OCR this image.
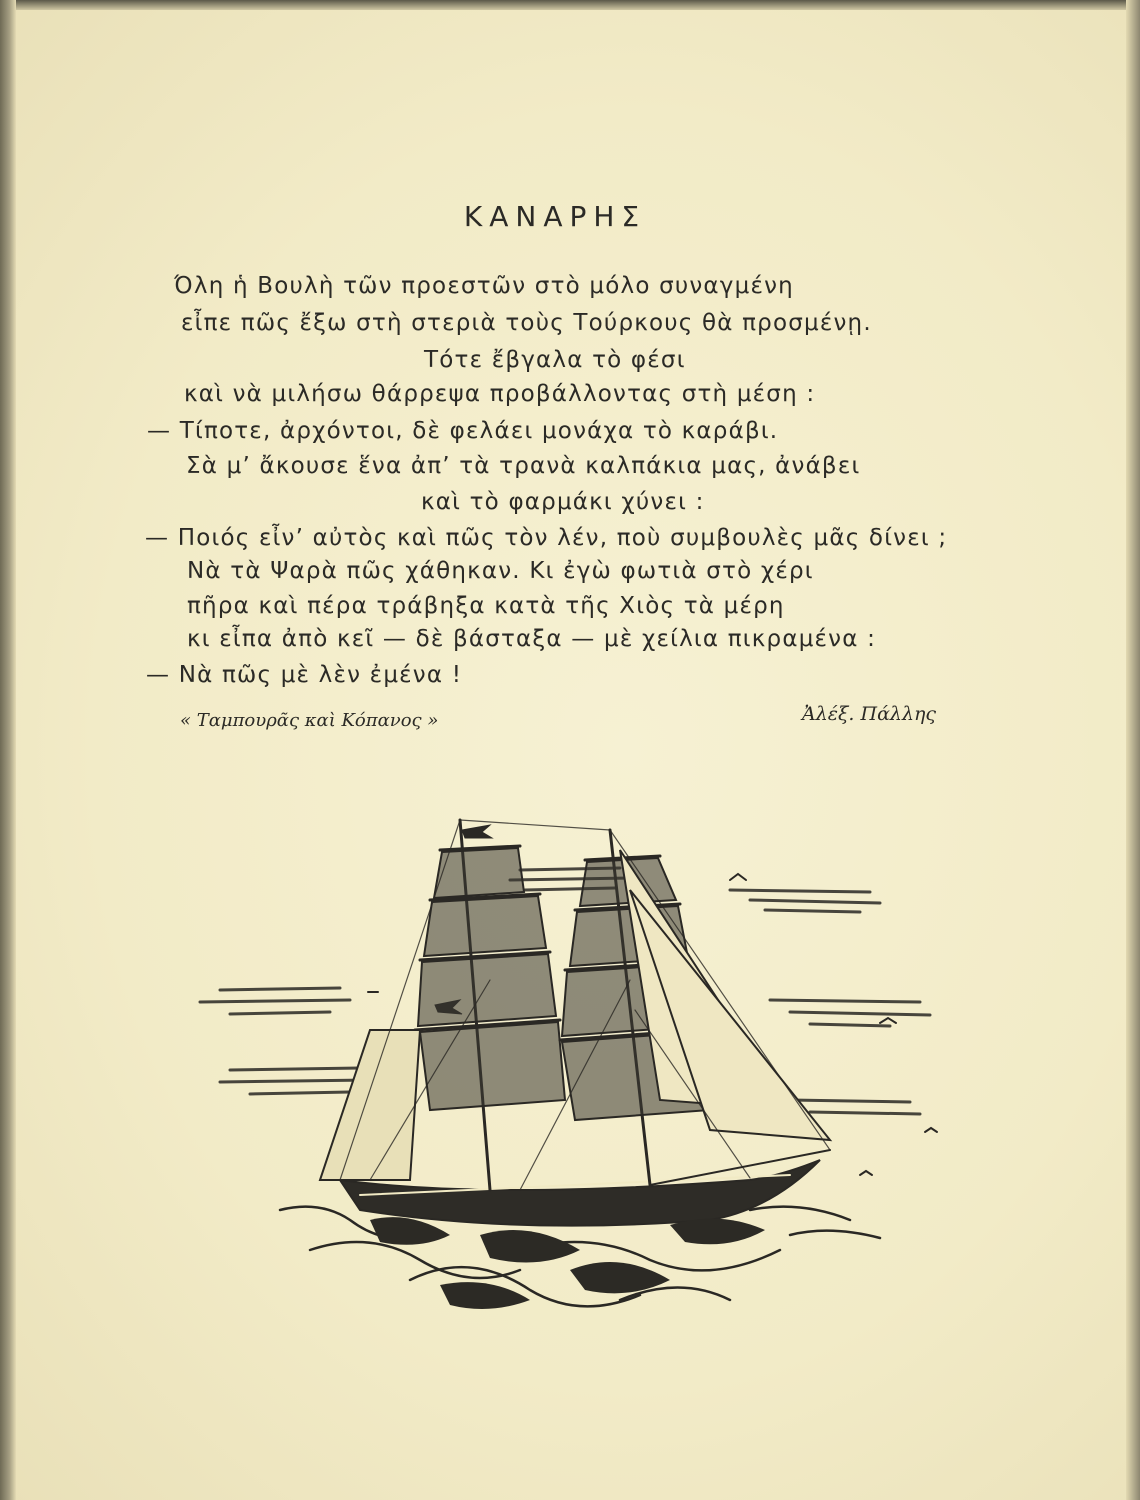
ΚΑΝΑΡΗΣ
Όλη ἡ Βουλὴ τῶν προεστῶν στὸ μόλο συναγμένη
εἶπε πῶς ἔξω στὴ στεριὰ τοὺς Τούρκους θὰ προσμένῃ.
Τότε ἔβγαλα τὸ φέσι
καὶ νὰ μιλήσω θάρρεψα προβάλλοντας στὴ μέση :
— Τίποτε, ἀρχόντοι, δὲ φελάει μονάχα τὸ καράβι.
Σὰ μ’ ἄκουσε ἕνα ἀπ’ τὰ τρανὰ καλπάκια μας, ἀνάβει
καὶ τὸ φαρμάκι χύνει :
— Ποιός εἶν’ αὐτὸς καὶ πῶς τὸν λέν, ποὺ συμβουλὲς μᾶς δίνει ;
Νὰ τὰ Ψαρὰ πῶς χάθηκαν. Κι ἐγὼ φωτιὰ στὸ χέρι
πῆρα καὶ πέρα τράβηξα κατὰ τῆς Χιὸς τὰ μέρη
κι εἶπα ἀπὸ κεῖ — δὲ βάσταξα — μὲ χείλια πικραμένα :
— Νὰ πῶς μὲ λὲν ἐμένα !
« Ταμπουρᾶς καὶ Κόπανος »	Ἀλέξ. Πάλλης
